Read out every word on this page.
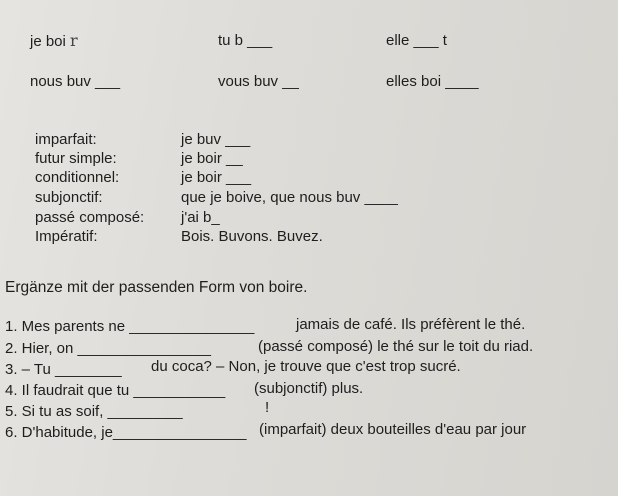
je boi r	tu b ___	elle ___ t
nous buv ___	vous buv __	elles boi ____
imparfait:	je buv ___
futur simple:	je boir __
conditionnel:	je boir ___
subjonctif:	que je boive, que nous buv ____
passé composé: j'ai b_
Impératif:	Bois. Buvons. Buvez.
Ergänze mit der passenden Form von boire.
1. Mes parents ne _______________	jamais de café. Ils préfèrent le thé.
2. Hier, on ________________	(passé composé) le thé sur le toit du riad.
3. – Tu ________ du coca? – Non, je trouve que c'est trop sucré.
4. Il faudrait que tu ___________ (subjonctif) plus.
5. Si tu as soif, _________	!
6. D'habitude, je________________ (imparfait) deux bouteilles d'eau par jour
